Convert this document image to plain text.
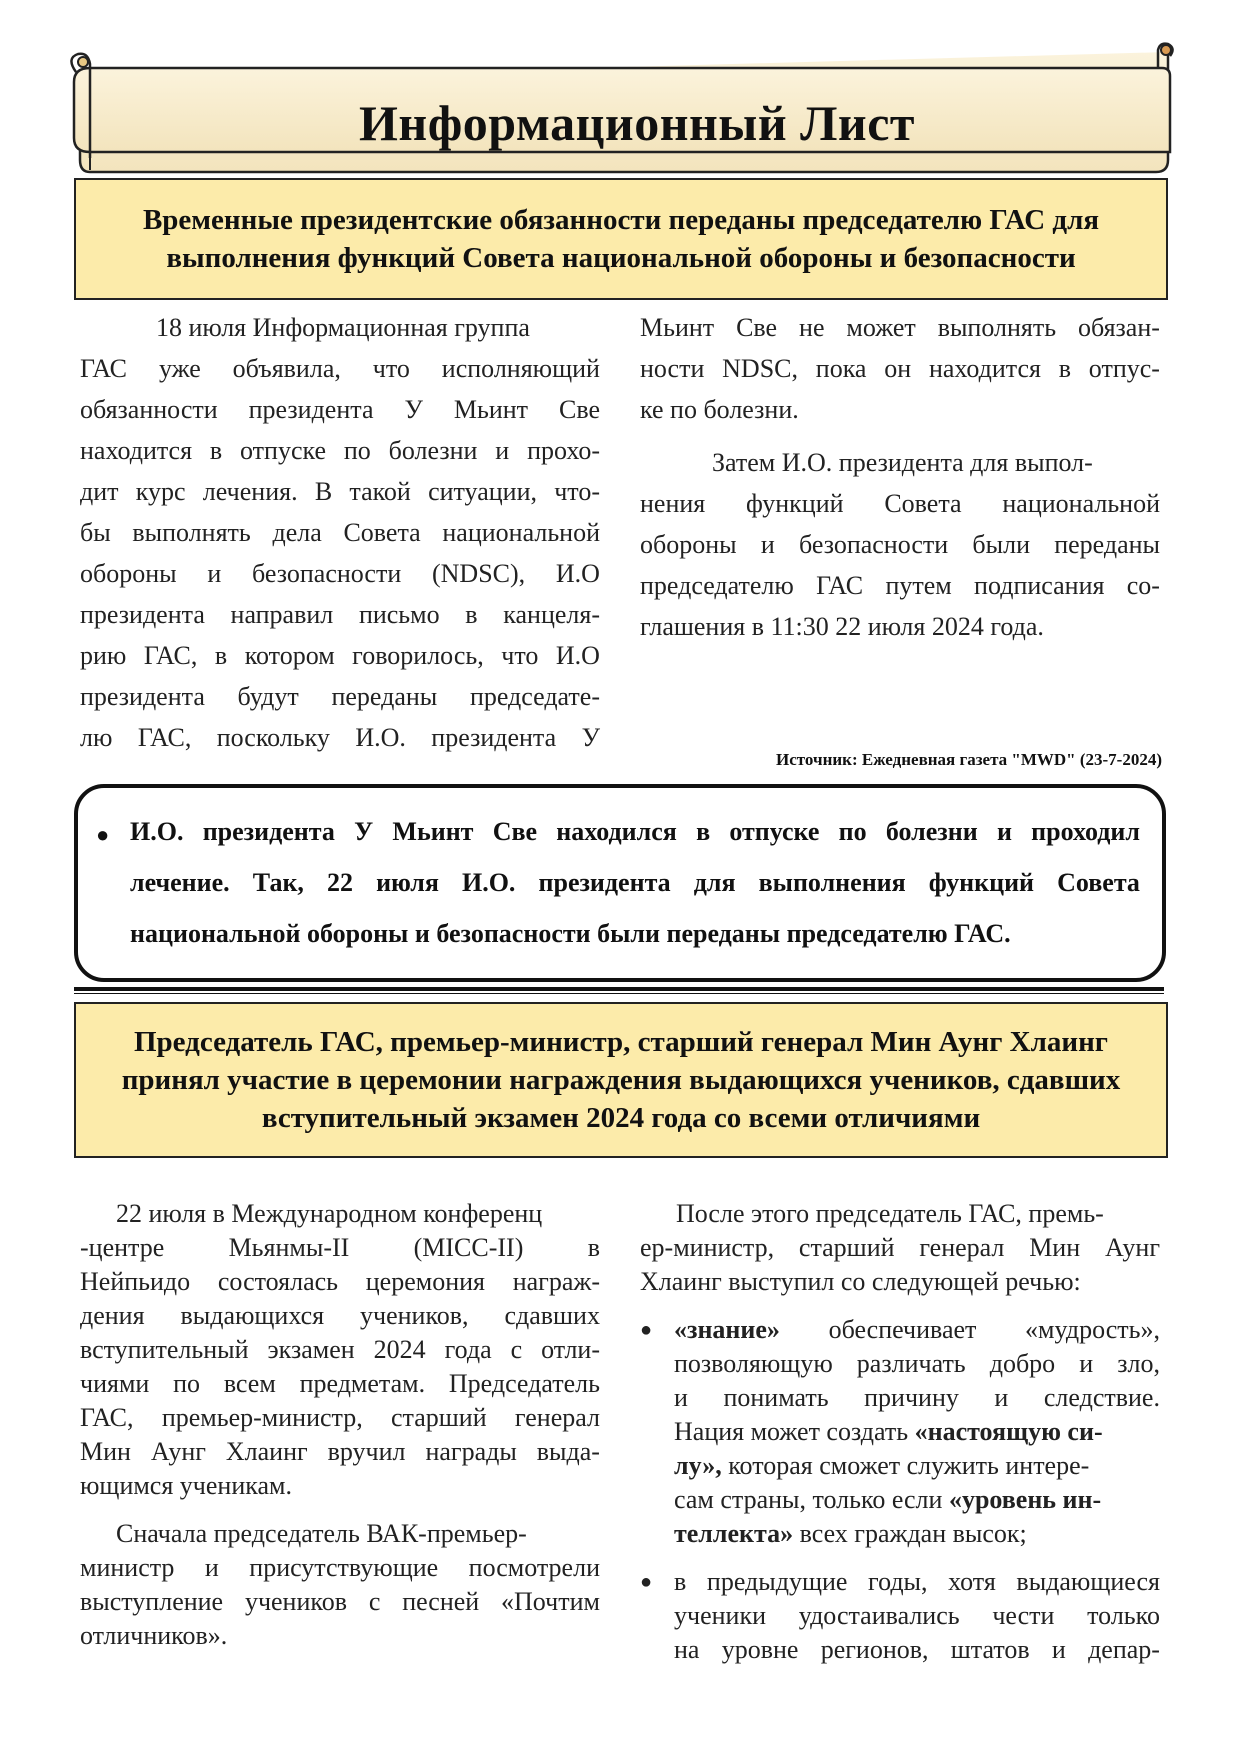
Информационный Лист
Временные президентские обязанности переданы председателю ГАС для
выполнения функций Совета национальной обороны и безопасности
18 июля Информационная группа
ГАС уже объявила, что исполняющий
обязанности президента У Мьинт Све
находится в отпуске по болезни и прохо-
дит курс лечения. В такой ситуации, что-
бы выполнять дела Совета национальной
обороны и безопасности (NDSC), И.О
президента направил письмо в канцеля-
рию ГАС, в котором говорилось, что И.О
президента будут переданы председате-
лю ГАС, поскольку И.О. президента У
Мьинт Све не может выполнять обязан-
ности NDSC, пока он находится в отпус-
ке по болезни.
Затем И.О. президента для выпол-
нения функций Совета национальной
обороны и безопасности были переданы
председателю ГАС путем подписания со-
глашения в 11:30 22 июля 2024 года.
Источник: Ежедневная газета "MWD" (23-7-2024)
● И.О. президента У Мьинт Све находился в отпуске по болезни и проходил
лечение. Так, 22 июля И.О. президента для выполнения функций Совета
национальной обороны и безопасности были переданы председателю ГАС.
Председатель ГАС, премьер-министр, старший генерал Мин Аунг Хлаинг
принял участие в церемонии награждения выдающихся учеников, сдавших
вступительный экзамен 2024 года со всеми отличиями
22 июля в Международном конференц
-центре Мьянмы-II (MICC-II) в
Нейпьидо состоялась церемония награж-
дения выдающихся учеников, сдавших
вступительный экзамен 2024 года с отли-
чиями по всем предметам. Председатель
ГАС, премьер-министр, старший генерал
Мин Аунг Хлаинг вручил награды выда-
ющимся ученикам.
Сначала председатель ВАК-премьер-
министр и присутствующие посмотрели
выступление учеников с песней «Почтим
отличников».
После этого председатель ГАС, премь-
ер-министр, старший генерал Мин Аунг
Хлаинг выступил со следующей речью:
● «знание» обеспечивает «мудрость»,
позволяющую различать добро и зло,
и понимать причину и следствие.
Нация может создать «настоящую си-
лу», которая сможет служить интере-
сам страны, только если «уровень ин-
теллекта» всех граждан высок;
● в предыдущие годы, хотя выдающиеся
ученики удостаивались чести только
на уровне регионов, штатов и депар-
